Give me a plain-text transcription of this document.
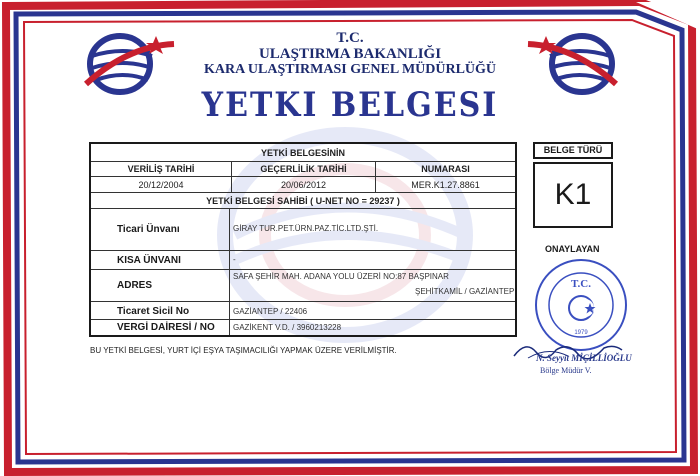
T.C.
ULAŞTIRMA BAKANLIĞI
KARA ULAŞTIRMASI GENEL MÜDÜRLÜĞÜ
YETKI BELGESI
YETKİ BELGESİNİN
VERİLİŞ TARİHİ	GEÇERLİLİK TARİHİ	NUMARASI
20/12/2004	20/06/2012	MER.K1.27.8861
YETKİ BELGESİ SAHİBİ ( U-NET NO = 29237 )
Ticari Ünvanı	GİRAY TUR.PET.ÜRN.PAZ.TİC.LTD.ŞTİ.
KISA ÜNVANI	-
ADRES
SAFA ŞEHİR MAH. ADANA YOLU ÜZERİ NO:87 BAŞPINAR
ŞEHİTKAMİL / GAZİANTEP
Ticaret Sicil No	GAZİANTEP / 22406
VERGİ DAİRESİ / NO GAZİKENT V.D. / 3960213228
BELGE TÜRÜ
K1
ONAYLAYAN
T.C.
1979
N. Seyyit MİÇİLLİOĞLU
Bölge Müdür V.
BU YETKİ BELGESİ, YURT İÇİ EŞYA TAŞIMACILIĞI YAPMAK ÜZERE VERİLMİŞTİR.
